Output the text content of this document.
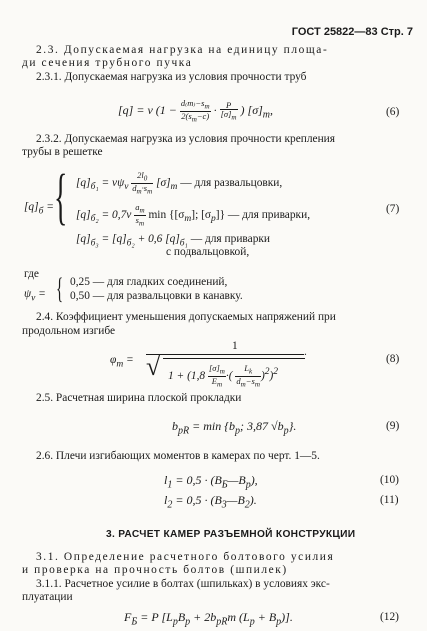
ГОСТ 25822—83 Стр. 7
2.3. Допускаемая нагрузка на единицу площа-
ди сечения трубного пучка
2.3.1. Допускаемая нагрузка из условия прочности труб
[q] = v ($1 - \frac{d_(т_)-s_т}{2(s_т-c)} \cdot \frac{P}{[\sigma]_т}$ ) $[\sigma]_т$,	(6)
2.3.2. Допускаемая нагрузка из условия прочности крепления
трубы в решетке
$[q]_б$ = { $[q]_{б_1} = v\psi_v \frac{2l_0}{d_т\cdot s_т} [\sigma]_т$ — для развальцовки,
$[q]_{б_2} = 0,7v \frac{a_т}{s_т}$ $\min \{[\sigma_т]$; $[\sigma_р]$} — для приварки,	(7)
$[q]_{б_3} = [q]_{б_2} + 0,6$ $[q]_{б_1}$ — для приварки
с подвальцовкой,
где
$\psi_v$ = { 0,25 — для гладких соединений,
0,50 — для развальцовки в канавку.
2.4. Коэффициент уменьшения допускаемых напряжений при
продольном изгибе
$\varphi_т$ =
1
√ $1 + (1,8 \frac{[\sigma]_т}{E_т}$ ·( $\frac{L_k}{d_т-s_т} )^2)^2$
.
(8)
2.5. Расчетная ширина плоской прокладки
$b_{pR} = \min \{b_p$; 3,87 $√b_p$}.	(9)
2.6. Плечи изгибающих моментов в камерах по черт. 1—5.
$l_1 = 0,5$ · $(B_Б—B_p)$,	(10)
$l_2 = 0,5$ · $(B_3—B_2)$.	(11)
3. РАСЧЕТ КАМЕР РАЗЪЕМНОЙ КОНСТРУКЦИИ
3.1. Определение расчетного болтового усилия
и проверка на прочность болтов (шпилек)
3.1.1. Расчетное усилие в болтах (шпильках) в условиях экс-
плуатации
$F_Б = P$ [$L_pB_p + 2b_{pR}m$ $(L_p + B_p)$].	(12)
